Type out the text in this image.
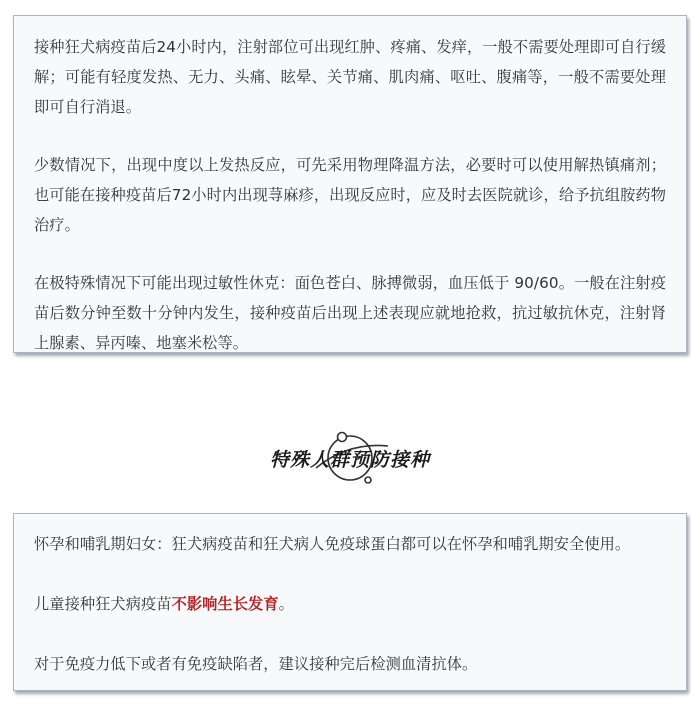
接种狂犬病疫苗后24小时内，注射部位可出现红肿、疼痛、发痒，一般不需要处理即可自行缓解；可能有轻度发热、无力、头痛、眩晕、关节痛、肌肉痛、呕吐、腹痛等，一般不需要处理即可自行消退。

少数情况下，出现中度以上发热反应，可先采用物理降温方法，必要时可以使用解热镇痛剂；也可能在接种疫苗后72小时内出现荨麻疹，出现反应时，应及时去医院就诊，给予抗组胺药物治疗。

在极特殊情况下可能出现过敏性休克：面色苍白、脉搏微弱，血压低于 90/60。一般在注射疫苗后数分钟至数十分钟内发生，接种疫苗后出现上述表现应就地抢救，抗过敏抗休克，注射肾上腺素、异丙嗪、地塞米松等。

特殊人群预防接种

怀孕和哺乳期妇女：狂犬病疫苗和狂犬病人免疫球蛋白都可以在怀孕和哺乳期安全使用。

儿童接种狂犬病疫苗不影响生长发育。

对于免疫力低下或者有免疫缺陷者，建议接种完后检测血清抗体。
